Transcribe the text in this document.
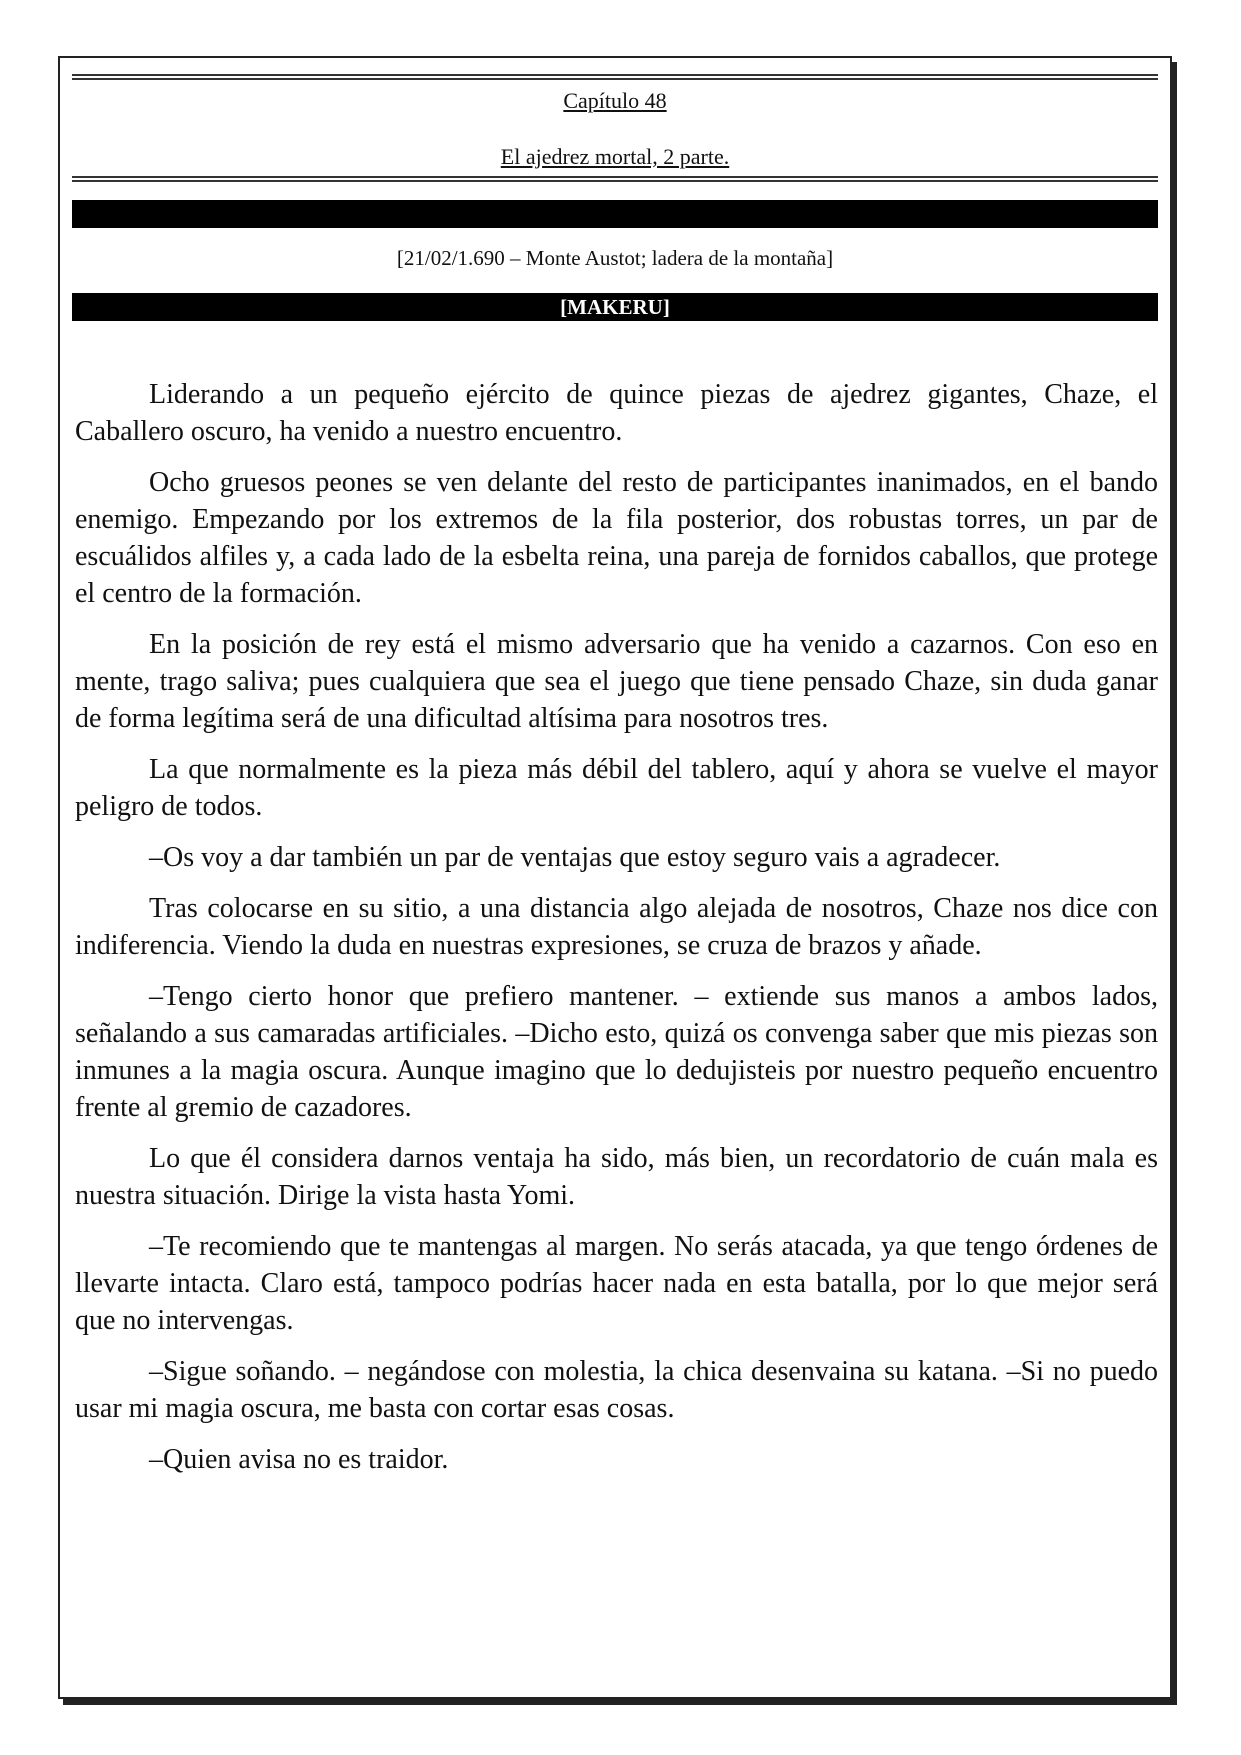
Capítulo 48
El ajedrez mortal, 2 parte.
[21/02/1.690 – Monte Austot; ladera de la montaña]
[MAKERU]

Liderando a un pequeño ejército de quince piezas de ajedrez gigantes, Chaze, el Caballero oscuro, ha venido a nuestro encuentro.

Ocho gruesos peones se ven delante del resto de participantes inanimados, en el bando enemigo. Empezando por los extremos de la fila posterior, dos robustas torres, un par de escuálidos alfiles y, a cada lado de la esbelta reina, una pareja de fornidos caballos, que protege el centro de la formación.

En la posición de rey está el mismo adversario que ha venido a cazarnos. Con eso en mente, trago saliva; pues cualquiera que sea el juego que tiene pensado Chaze, sin duda ganar de forma legítima será de una dificultad altísima para nosotros tres.

La que normalmente es la pieza más débil del tablero, aquí y ahora se vuelve el mayor peligro de todos.

–Os voy a dar también un par de ventajas que estoy seguro vais a agradecer.

Tras colocarse en su sitio, a una distancia algo alejada de nosotros, Chaze nos dice con indiferencia. Viendo la duda en nuestras expresiones, se cruza de brazos y añade.

–Tengo cierto honor que prefiero mantener. – extiende sus manos a ambos lados, señalando a sus camaradas artificiales. –Dicho esto, quizá os convenga saber que mis piezas son inmunes a la magia oscura. Aunque imagino que lo dedujisteis por nuestro pequeño encuentro frente al gremio de cazadores.

Lo que él considera darnos ventaja ha sido, más bien, un recordatorio de cuán mala es nuestra situación. Dirige la vista hasta Yomi.

–Te recomiendo que te mantengas al margen. No serás atacada, ya que tengo órdenes de llevarte intacta. Claro está, tampoco podrías hacer nada en esta batalla, por lo que mejor será que no intervengas.

–Sigue soñando. – negándose con molestia, la chica desenvaina su katana. –Si no puedo usar mi magia oscura, me basta con cortar esas cosas.

–Quien avisa no es traidor.
